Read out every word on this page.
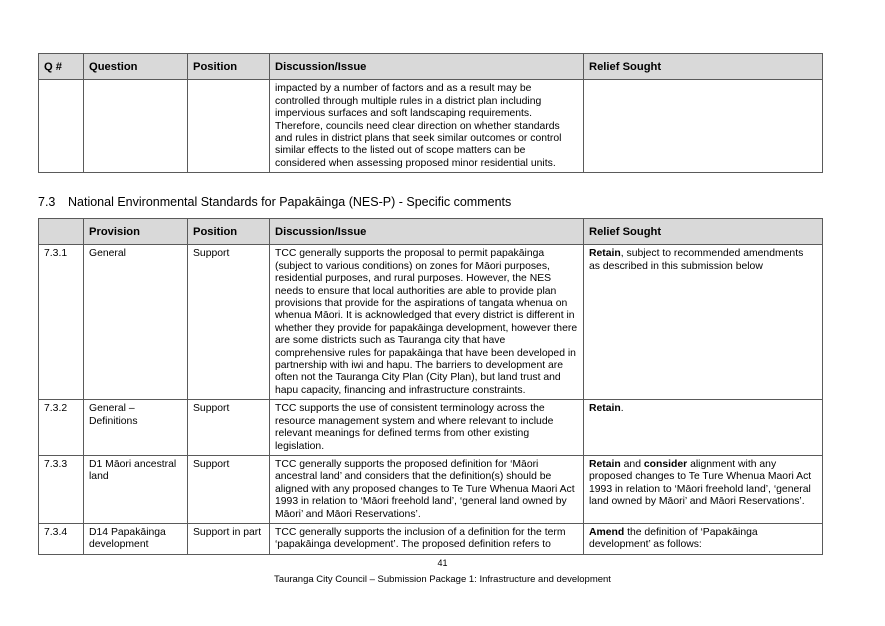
Q #	Question	Position	Discussion/Issue	Relief Sought
			impacted by a number of factors and as a result may be controlled through multiple rules in a district plan including impervious surfaces and soft landscaping requirements. Therefore, councils need clear direction on whether standards and rules in district plans that seek similar outcomes or control similar effects to the listed out of scope matters can be considered when assessing proposed minor residential units.	
7.3 National Environmental Standards for Papakāinga (NES-P) - Specific comments
	Provision	Position	Discussion/Issue	Relief Sought
7.3.1	General	Support	TCC generally supports the proposal to permit papakāinga (subject to various conditions) on zones for Māori purposes, residential purposes, and rural purposes. However, the NES needs to ensure that local authorities are able to provide plan provisions that provide for the aspirations of tangata whenua on whenua Māori. It is acknowledged that every district is different in whether they provide for papakāinga development, however there are some districts such as Tauranga city that have comprehensive rules for papakāinga that have been developed in partnership with iwi and hapu. The barriers to development are often not the Tauranga City Plan (City Plan), but land trust and hapu capacity, financing and infrastructure constraints.	Retain, subject to recommended amendments as described in this submission below
7.3.2	General – Definitions	Support	TCC supports the use of consistent terminology across the resource management system and where relevant to include relevant meanings for defined terms from other existing legislation.	Retain.
7.3.3	D1 Māori ancestral land	Support	TCC generally supports the proposed definition for ‘Māori ancestral land’ and considers that the definition(s) should be aligned with any proposed changes to Te Ture Whenua Maori Act 1993 in relation to ‘Māori freehold land’, ‘general land owned by Māori’ and Māori Reservations’.	Retain and consider alignment with any proposed changes to Te Ture Whenua Maori Act 1993 in relation to ‘Māori freehold land’, ‘general land owned by Māori’ and Māori Reservations’.
7.3.4	D14 Papakāinga development	Support in part	TCC generally supports the inclusion of a definition for the term ‘papakāinga development’. The proposed definition refers to	Amend the definition of ‘Papakāinga development’ as follows:
41
Tauranga City Council – Submission Package 1: Infrastructure and development
